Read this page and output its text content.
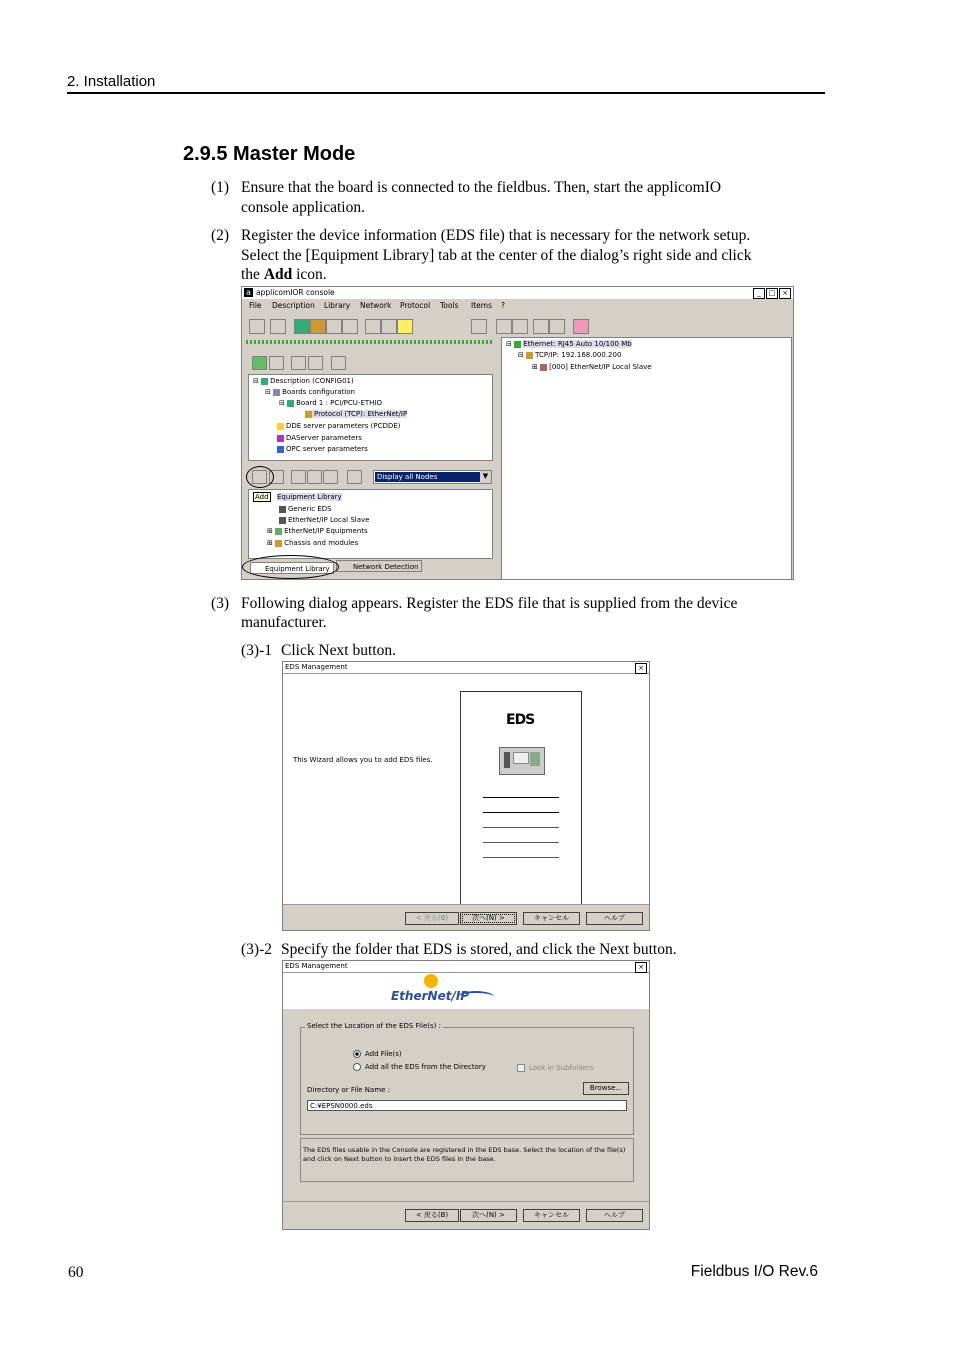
2. Installation
2.9.5 Master Mode
(1) Ensure that the board is connected to the fieldbus. Then, start the applicomIO
console application.
(2) Register the device information (EDS file) that is necessary for the network setup.
Select the [Equipment Library] tab at the center of the dialog’s right side and click
the Add icon.
a applicomIOR console	_	□ ×
File Description Library Network Protocol Tools Items ?
⊟ Description (CONFIG01)
⊟ Boards configuration
⊟ Board 1 : PCI/PCU-ETHIO
Protocol (TCP): EtherNet/IP
DDE server parameters (PCDDE)
DAServer parameters
OPC server parameters
Display all Nodes	▼
Add Equipment Library
Generic EDS
EtherNet/IP Local Slave
⊞ EtherNet/IP Equipments
⊞ Chassis and modules
Equipment Library	Network Detection
⊟ Ethernet: RJ45 Auto 10/100 Mb
⊟ TCP/IP: 192.168.000.200
⊞ [000] EtherNet/IP Local Slave
(3) Following dialog appears. Register the EDS file that is supplied from the device
manufacturer.
(3)-1 Click Next button.
EDS Management	×
This Wizard allows you to add EDS files.
EDS
< 戻る(B)	次へ(N) >	キャンセル	ヘルプ
(3)-2 Specify the folder that EDS is stored, and click the Next button.
EDS Management	×
EtherNet/IP
Select the Location of the EDS File(s) :
Add File(s)
Add all the EDS from the Directory	Look in Subfolders
Directory or File Name :	Browse...
C:¥EPSN0000.eds
The EDS files usable in the Console are registered in the EDS base. Select the location of the file(s)
and click on Next button to insert the EDS files in the base.
< 戻る(B)	次へ(N) >	キャンセル	ヘルプ
60	Fieldbus I/O Rev.6
